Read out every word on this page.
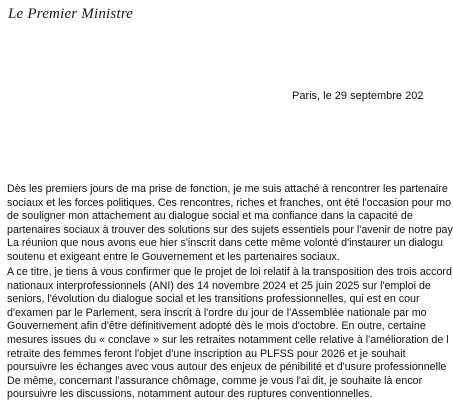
Le Premier Ministre
Paris, le 29 septembre 202
Dès les premiers jours de ma prise de fonction, je me suis attaché à rencontrer les partenaire
sociaux et les forces politiques. Ces rencontres, riches et franches, ont été l'occasion pour mo
de souligner mon attachement au dialogue social et ma confiance dans la capacité de
partenaires sociaux à trouver des solutions sur des sujets essentiels pour l'avenir de notre pay
La réunion que nous avons eue hier s'inscrit dans cette même volonté d'instaurer un dialogu
soutenu et exigeant entre le Gouvernement et les partenaires sociaux.
A ce titre, je tiens à vous confirmer que le projet de loi relatif à la transposition des trois accord
nationaux interprofessionnels (ANI) des 14 novembre 2024 et 25 juin 2025 sur l'emploi de
seniors, l'évolution du dialogue social et les transitions professionnelles, qui est en cour
d'examen par le Parlement, sera inscrit à l'ordre du jour de l'Assemblée nationale par mo
Gouvernement afin d'être définitivement adopté dès le mois d'octobre. En outre, certaine
mesures issues du « conclave » sur les retraites notamment celle relative à l'amélioration de l
retraite des femmes feront l'objet d'une inscription au PLFSS pour 2026 et je souhait
poursuivre les échanges avec vous autour des enjeux de pénibilité et d'usure professionnelle
De même, concernant l'assurance chômage, comme je vous l'ai dit, je souhaite là encor
poursuivre les discussions, notamment autour des ruptures conventionnelles.
